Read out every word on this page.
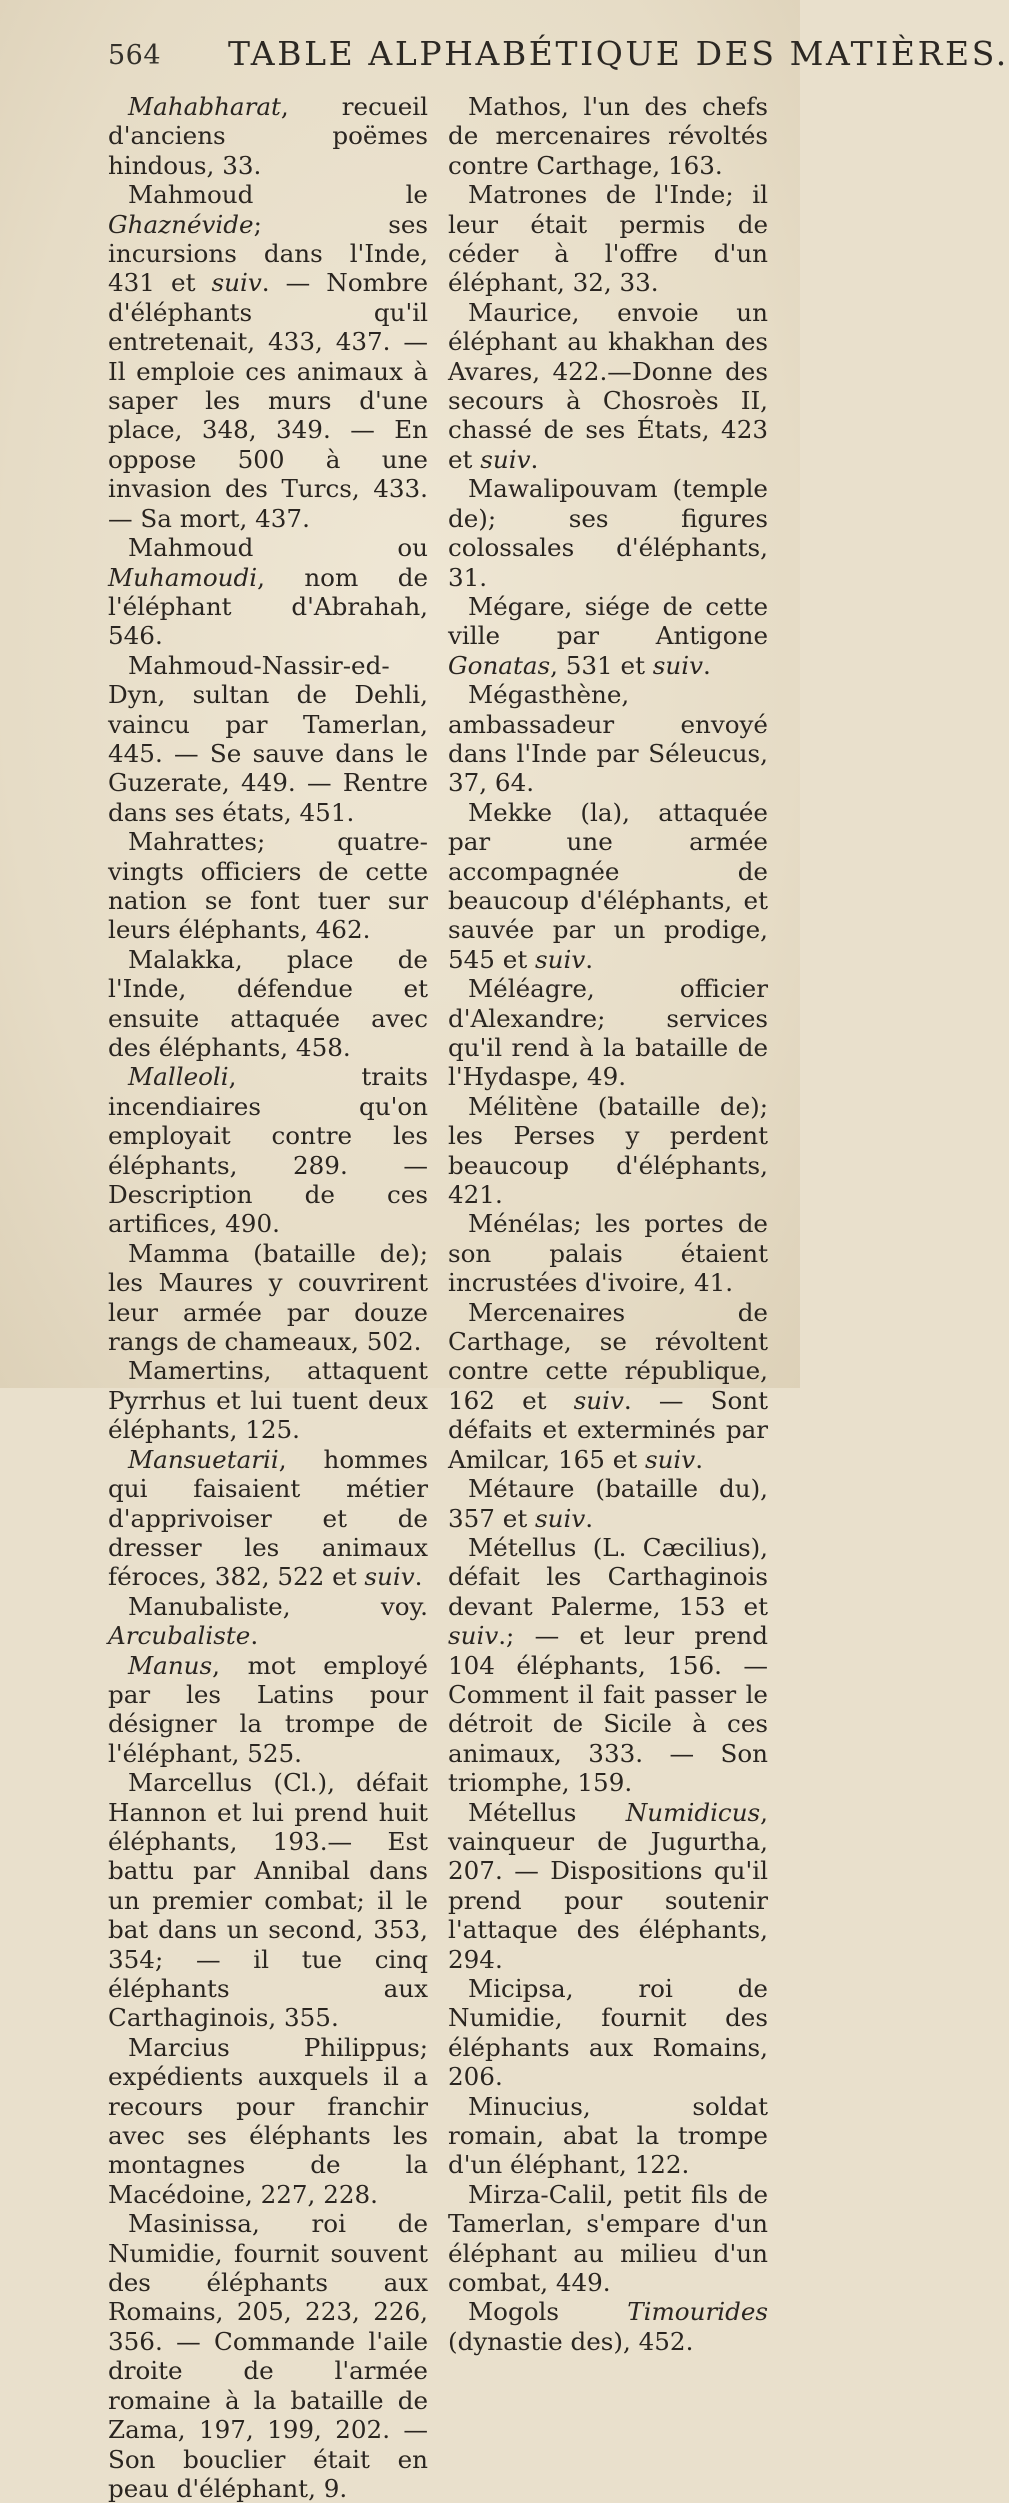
564 TABLE ALPHABÉTIQUE DES MATIÈRES.

Mahabharat, recueil d'anciens poëmes hindous, 33.

Mahmoud le Ghaznévide; ses incursions dans l'Inde, 431 et suiv. — Nombre d'éléphants qu'il entretenait, 433, 437. — Il emploie ces animaux à saper les murs d'une place, 348, 349. — En oppose 500 à une invasion des Turcs, 433. — Sa mort, 437.

Mahmoud ou Muhamoudi, nom de l'éléphant d'Abrahah, 546.

Mahmoud-Nassir-ed-Dyn, sultan de Dehli, vaincu par Tamerlan, 445. — Se sauve dans le Guzerate, 449. — Rentre dans ses états, 451.

Mahrattes; quatre-vingts officiers de cette nation se font tuer sur leurs éléphants, 462.

Malakka, place de l'Inde, défendue et ensuite attaquée avec des éléphants, 458.

Malleoli, traits incendiaires qu'on employait contre les éléphants, 289. — Description de ces artifices, 490.

Mamma (bataille de); les Maures y couvrirent leur armée par douze rangs de chameaux, 502.

Mamertins, attaquent Pyrrhus et lui tuent deux éléphants, 125.

Mansuetarii, hommes qui faisaient métier d'apprivoiser et de dresser les animaux féroces, 382, 522 et suiv.

Manubaliste, voy. Arcubaliste.

Manus, mot employé par les Latins pour désigner la trompe de l'éléphant, 525.

Marcellus (Cl.), défait Hannon et lui prend huit éléphants, 193.— Est battu par Annibal dans un premier combat; il le bat dans un second, 353, 354; — il tue cinq éléphants aux Carthaginois, 355.

Marcius Philippus; expédients auxquels il a recours pour franchir avec ses éléphants les montagnes de la Macédoine, 227, 228.

Masinissa, roi de Numidie, fournit souvent des éléphants aux Romains, 205, 223, 226, 356. — Commande l'aile droite de l'armée romaine à la bataille de Zama, 197, 199, 202. — Son bouclier était en peau d'éléphant, 9.

Mathos, l'un des chefs de mercenaires révoltés contre Carthage, 163.

Matrones de l'Inde; il leur était permis de céder à l'offre d'un éléphant, 32, 33.

Maurice, envoie un éléphant au khakhan des Avares, 422.—Donne des secours à Chosroès II, chassé de ses États, 423 et suiv.

Mawalipouvam (temple de); ses figures colossales d'éléphants, 31.

Mégare, siége de cette ville par Antigone Gonatas, 531 et suiv.

Mégasthène, ambassadeur envoyé dans l'Inde par Séleucus, 37, 64.

Mekke (la), attaquée par une armée accompagnée de beaucoup d'éléphants, et sauvée par un prodige, 545 et suiv.

Méléagre, officier d'Alexandre; services qu'il rend à la bataille de l'Hydaspe, 49.

Mélitène (bataille de); les Perses y perdent beaucoup d'éléphants, 421.

Ménélas; les portes de son palais étaient incrustées d'ivoire, 41.

Mercenaires de Carthage, se révoltent contre cette république, 162 et suiv. — Sont défaits et exterminés par Amilcar, 165 et suiv.

Métaure (bataille du), 357 et suiv.

Métellus (L. Cæcilius), défait les Carthaginois devant Palerme, 153 et suiv.; — et leur prend 104 éléphants, 156. — Comment il fait passer le détroit de Sicile à ces animaux, 333. — Son triomphe, 159.

Métellus Numidicus, vainqueur de Jugurtha, 207. — Dispositions qu'il prend pour soutenir l'attaque des éléphants, 294.

Micipsa, roi de Numidie, fournit des éléphants aux Romains, 206.

Minucius, soldat romain, abat la trompe d'un éléphant, 122.

Mirza-Calil, petit fils de Tamerlan, s'empare d'un éléphant au milieu d'un combat, 449.

Mogols Timourides (dynastie des), 452.
